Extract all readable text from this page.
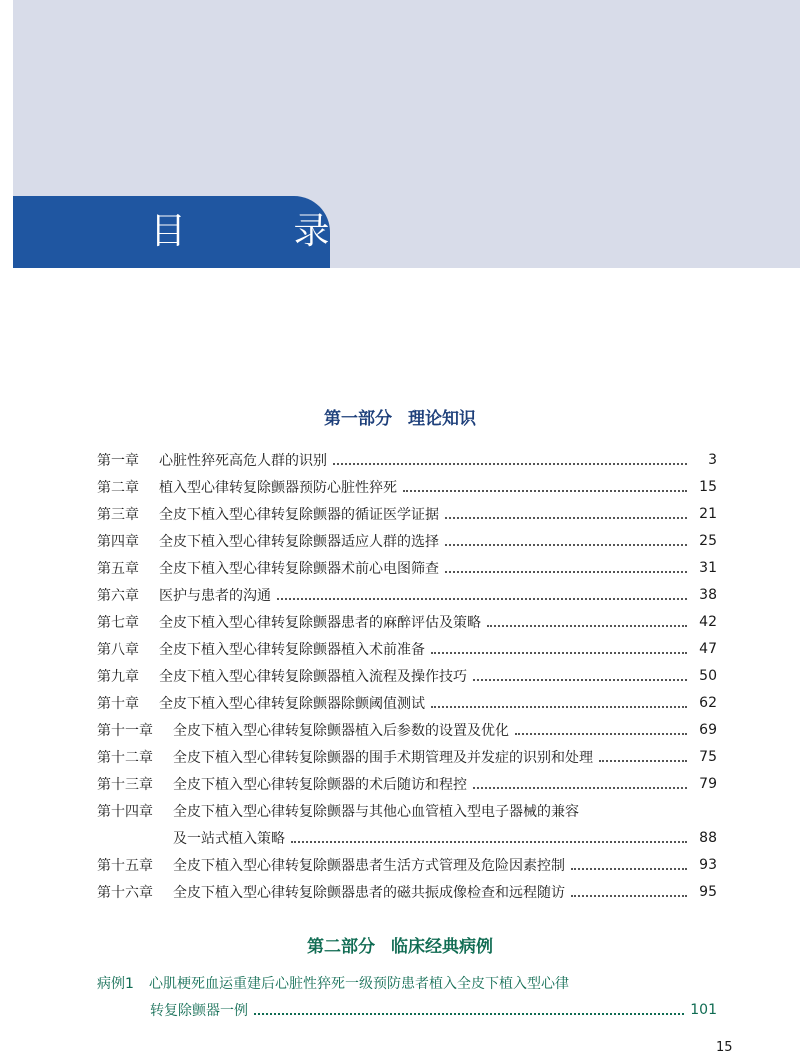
目 录
第一部分 理论知识
第一章	心脏性猝死高危人群的识别	3
第二章	植入型心律转复除颤器预防心脏性猝死	15
第三章	全皮下植入型心律转复除颤器的循证医学证据	21
第四章	全皮下植入型心律转复除颤器适应人群的选择	25
第五章	全皮下植入型心律转复除颤器术前心电图筛查	31
第六章	医护与患者的沟通	38
第七章	全皮下植入型心律转复除颤器患者的麻醉评估及策略	42
第八章	全皮下植入型心律转复除颤器植入术前准备	47
第九章	全皮下植入型心律转复除颤器植入流程及操作技巧	50
第十章	全皮下植入型心律转复除颤器除颤阈值测试	62
第十一章	全皮下植入型心律转复除颤器植入后参数的设置及优化	69
第十二章	全皮下植入型心律转复除颤器的围手术期管理及并发症的识别和处理	75
第十三章	全皮下植入型心律转复除颤器的术后随访和程控	79
第十四章	全皮下植入型心律转复除颤器与其他心血管植入型电子器械的兼容
及一站式植入策略	88
第十五章	全皮下植入型心律转复除颤器患者生活方式管理及危险因素控制	93
第十六章	全皮下植入型心律转复除颤器患者的磁共振成像检查和远程随访	95
第二部分 临床经典病例
病例1	心肌梗死血运重建后心脏性猝死一级预防患者植入全皮下植入型心律
转复除颤器一例	101
15
